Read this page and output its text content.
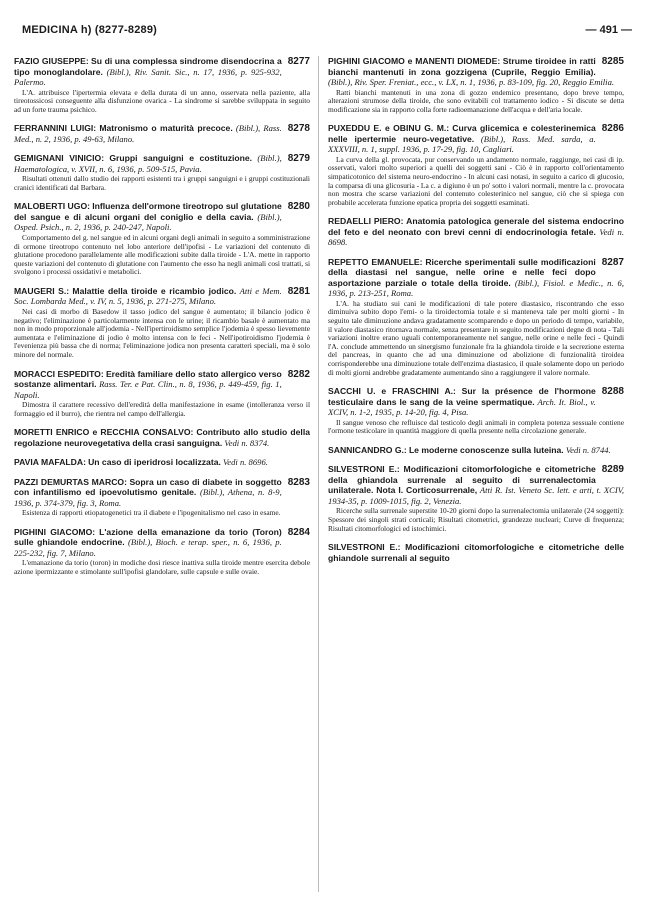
MEDICINA h) (8277-8289)	— 491 —
8277
FAZIO GIUSEPPE: Su di una complessa sindrome disendocrina a tipo monoglandolare. (Bibl.), Riv. Sanit. Sic., n. 17, 1936, p. 925-932, Palermo.
L'A. attribuisce l'ipertermia elevata e della durata di un anno, osservata nella paziente, alla tireotossicosi conseguente alla disfunzione ovarica - La sindrome si sarebbe sviluppata in seguito ad un forte trauma psichico.
8278
FERRANNINI LUIGI: Matronismo o maturità precoce. (Bibl.), Rass. Med., n. 2, 1936, p. 49-63, Milano.
8279
GEMIGNANI VINICIO: Gruppi sanguigni e costituzione. (Bibl.), Haematologica, v. XVII, n. 6, 1936, p. 509-515, Pavia.
Risultati ottenuti dallo studio dei rapporti esistenti tra i gruppi sanguigni e i gruppi costituzionali cranici identificati dal Barbara.
8280
MALOBERTI UGO: Influenza dell'ormone tireotropo sul glutatione del sangue e di alcuni organi del coniglio e della cavia. (Bibl.), Osped. Psich., n. 2, 1936, p. 240-247, Napoli.
Comportamento del g. nel sangue ed in alcuni organi degli animali in seguito a somministrazione di ormone tireotropo contenuto nel lobo anteriore dell'ipofisi - Le variazioni del contenuto di glutatione procedono parallelamente alle modificazioni subite dalla tiroide - L'A. mette in rapporto queste variazioni del contenuto di glutatione con l'aumento che esso ha negli animali così trattati, si svolgono i processi ossidativi e metabolici.
8281
MAUGERI S.: Malattie della tiroide e ricambio jodico. Atti e Mem. Soc. Lombarda Med., v. IV, n. 5, 1936, p. 271-275, Milano.
Nei casi di morbo di Basedow il tasso jodico del sangue è aumentato; il bilancio jodico è negativo; l'eliminazione è particolarmente intensa con le urine; il ricambio basale è aumentato ma non in modo proporzionale all'jodemia - Nell'ipertiroidismo semplice l'jodemia è spesso lievemente aumentata e l'eliminazione di jodio è molto intensa con le feci - Nell'ipotiroidismo l'jodemia è l'evenienza più bassa che di norma; l'eliminazione jodica non presenta caratteri speciali, ma è solo minore del normale.
8282
MORACCI ESPEDITO: Eredità familiare dello stato allergico verso sostanze alimentari. Rass. Ter. e Pat. Clin., n. 8, 1936, p. 449-459, fig. 1, Napoli.
Dimostra il carattere recessivo dell'eredità della manifestazione in esame (intolleranza verso il formaggio ed il burro), che rientra nel campo dell'allergia.
MORETTI ENRICO e RECCHIA CONSALVO: Contributo allo studio della regolazione neurovegetativa della crasi sanguigna. Vedi n. 8374.
PAVIA MAFALDA: Un caso di iperidrosi localizzata. Vedi n. 8696.
8283
PAZZI DEMURTAS MARCO: Sopra un caso di diabete in soggetto con infantilismo ed ipoevolutismo genitale. (Bibl.), Athena, n. 8-9, 1936, p. 374-379, fig. 3, Roma.
Esistenza di rapporti etiopatogenetici tra il diabete e l'ipogenitalismo nel caso in esame.
8284
PIGHINI GIACOMO: L'azione della emanazione da torio (Toron) sulle ghiandole endocrine. (Bibl.), Bioch. e terap. sper., n. 6, 1936, p. 225-232, fig. 7, Milano.
L'emanazione da torio (toron) in modiche dosi riesce inattiva sulla tiroide mentre esercita debole azione ipermizzante e stimolante sull'ipofisi glandolare, sulle capsule e sulle ovaie.
8285
PIGHINI GIACOMO e MANENTI DIOMEDE: Strume tiroidee in ratti bianchi mantenuti in zona gozzigena (Cuprile, Reggio Emilia). (Bibl.), Riv. Sper. Freniat., ecc., v. LX, n. 1, 1936, p. 83-109, fig. 20, Reggio Emilia.
Ratti bianchi mantenuti in una zona di gozzo endemico presentano, dopo breve tempo, alterazioni strumose della tiroide, che sono evitabili col trattamento iodico - Si discute se detta modificazione sia in rapporto colla forte radioemanazione dell'acqua e dell'aria locale.
8286
PUXEDDU E. e OBINU G. M.: Curva glicemica e colesterinemica nelle ipertermie neuro-vegetative. (Bibl.), Rass. Med. sarda, a. XXXVIII, n. 1, suppl. 1936, p. 17-29, fig. 10, Cagliari.
La curva della gl. provocata, pur conservando un andamento normale, raggiunge, nei casi di ip. osservati, valori molto superiori a quelli dei soggetti sani - Ciò è in rapporto coll'orientamento simpaticotonico del sistema neuro-endocrino - In alcuni casi notasi, in seguito a carico di glucosio, la comparsa di una glicosuria - La c. a digiuno è un po' sotto i valori normali, mentre la c. provocata non mostra che scarse variazioni del contenuto colesterinico nel sangue, ciò che si spiega con probabile accelerata funzione epatica propria dei soggetti esaminati.
REDAELLI PIERO: Anatomia patologica generale del sistema endocrino del feto e del neonato con brevi cenni di endocrinologia fetale. Vedi n. 8698.
8287
REPETTO EMANUELE: Ricerche sperimentali sulle modificazioni della diastasi nel sangue, nelle orine e nelle feci dopo asportazione parziale o totale della tiroide. (Bibl.), Fisiol. e Medic., n. 6, 1936, p. 213-251, Roma.
L'A. ha studiato sui cani le modificazioni di tale potere diastasico, riscontrando che esso diminuiva subito dopo l'emi- o la tiroidectomia totale e si manteneva tale per molti giorni - In seguito tale diminuzione andava gradatamente scomparendo e dopo un periodo di tempo, variabile, il valore diastasico ritornava normale, senza presentare in seguito modificazioni degne di nota - Tali variazioni inoltre erano uguali contemporaneamente nel sangue, nelle orine e nelle feci - Quindi l'A. conclude ammettendo un sinergismo funzionale fra la ghiandola tiroide e la secrezione esterna del pancreas, in quanto che ad una diminuzione od abolizione di funzionalità tiroidea corrisponderebbe una diminuzione totale dell'enzima diastasico, il quale solamente dopo un periodo di molti giorni andrebbe gradatamente aumentando sino a raggiungere il valore normale.
8288
SACCHI U. e FRASCHINI A.: Sur la présence de l'hormone testiculaire dans le sang de la veine spermatique. Arch. It. Biol., v. XCIV, n. 1-2, 1935, p. 14-20, fig. 4, Pisa.
Il sangue venoso che refluisce dal testicolo degli animali in completa potenza sessuale contiene l'ormone testicolare in quantità maggiore di quella presente nella circolazione generale.
SANNICANDRO G.: Le moderne conoscenze sulla luteina. Vedi n. 8744.
8289
SILVESTRONI E.: Modificazioni citomorfologiche e citometriche della ghiandola surrenale al seguito di surrenalectomia unilaterale. Nota I. Corticosurrenale, Atti R. Ist. Veneto Sc. lett. e arti, t. XCIV, 1934-35, p. 1009-1015, fig. 2, Venezia.
Ricerche sulla surrenale superstite 10-20 giorni dopo la surrenalectomia unilaterale (24 soggetti): Spessore dei singoli strati corticali; Risultati citometrici, grandezze nucleari; Curve di frequenza; Risultati citomorfologici ed istochimici.
SILVESTRONI E.: Modificazioni citomorfologiche e citometriche delle ghiandole surrenali al seguito
